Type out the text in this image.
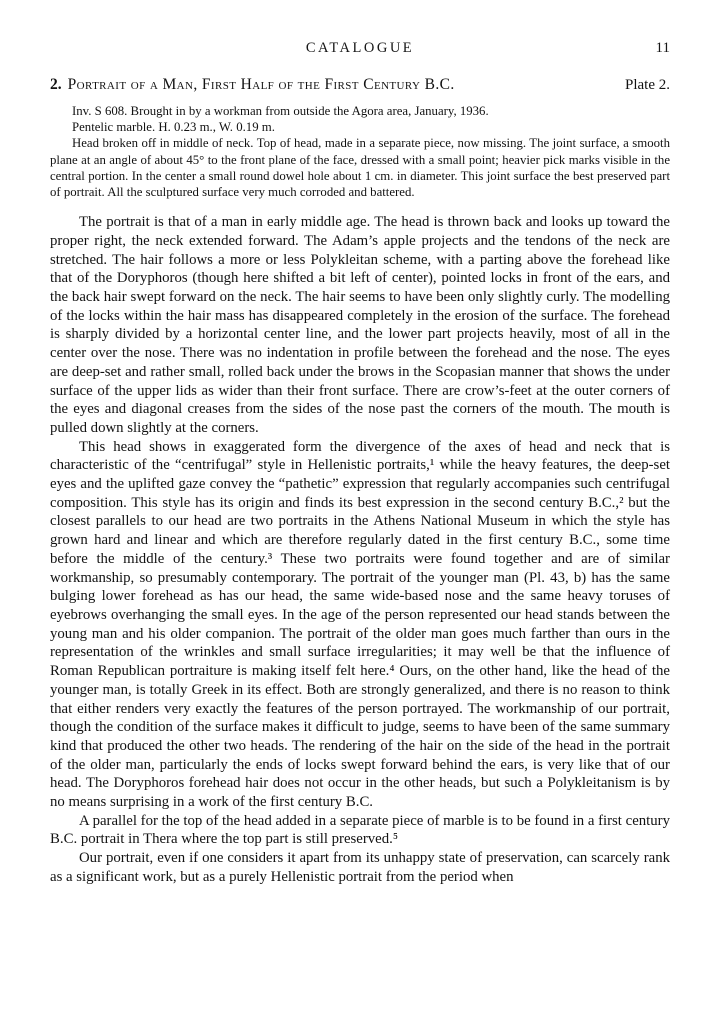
CATALOGUE	11
2. Portrait of a Man, First Half of the First Century B.C.	Plate 2.
Inv. S 608. Brought in by a workman from outside the Agora area, January, 1936.
Pentelic marble. H. 0.23 m., W. 0.19 m.

Head broken off in middle of neck. Top of head, made in a separate piece, now missing. The joint surface, a smooth plane at an angle of about 45° to the front plane of the face, dressed with a small point; heavier pick marks visible in the central portion. In the center a small round dowel hole about 1 cm. in diameter. This joint surface the best preserved part of portrait. All the sculptured surface very much corroded and battered.

The portrait is that of a man in early middle age. The head is thrown back and looks up toward the proper right, the neck extended forward. The Adam’s apple projects and the tendons of the neck are stretched. The hair follows a more or less Polykleitan scheme, with a parting above the forehead like that of the Doryphoros (though here shifted a bit left of center), pointed locks in front of the ears, and the back hair swept forward on the neck. The hair seems to have been only slightly curly. The modelling of the locks within the hair mass has disappeared completely in the erosion of the surface. The forehead is sharply divided by a horizontal center line, and the lower part projects heavily, most of all in the center over the nose. There was no indentation in profile between the forehead and the nose. The eyes are deep-set and rather small, rolled back under the brows in the Scopasian manner that shows the under surface of the upper lids as wider than their front surface. There are crow’s-feet at the outer corners of the eyes and diagonal creases from the sides of the nose past the corners of the mouth. The mouth is pulled down slightly at the corners.

This head shows in exaggerated form the divergence of the axes of head and neck that is characteristic of the “centrifugal” style in Hellenistic portraits,¹ while the heavy features, the deep-set eyes and the uplifted gaze convey the “pathetic” expression that regularly accompanies such centrifugal composition. This style has its origin and finds its best expression in the second century B.C.,² but the closest parallels to our head are two portraits in the Athens National Museum in which the style has grown hard and linear and which are therefore regularly dated in the first century B.C., some time before the middle of the century.³ These two portraits were found together and are of similar workmanship, so presumably contemporary. The portrait of the younger man (Pl. 43, b) has the same bulging lower forehead as has our head, the same wide-based nose and the same heavy toruses of eyebrows overhanging the small eyes. In the age of the person represented our head stands between the young man and his older companion. The portrait of the older man goes much farther than ours in the representation of the wrinkles and small surface irregularities; it may well be that the influence of Roman Republican portraiture is making itself felt here.⁴ Ours, on the other hand, like the head of the younger man, is totally Greek in its effect. Both are strongly generalized, and there is no reason to think that either renders very exactly the features of the person portrayed. The workmanship of our portrait, though the condition of the surface makes it difficult to judge, seems to have been of the same summary kind that produced the other two heads. The rendering of the hair on the side of the head in the portrait of the older man, particularly the ends of locks swept forward behind the ears, is very like that of our head. The Doryphoros forehead hair does not occur in the other heads, but such a Polykleitanism is by no means surprising in a work of the first century B.C.

A parallel for the top of the head added in a separate piece of marble is to be found in a first century B.C. portrait in Thera where the top part is still preserved.⁵

Our portrait, even if one considers it apart from its unhappy state of preservation, can scarcely rank as a significant work, but as a purely Hellenistic portrait from the period when
